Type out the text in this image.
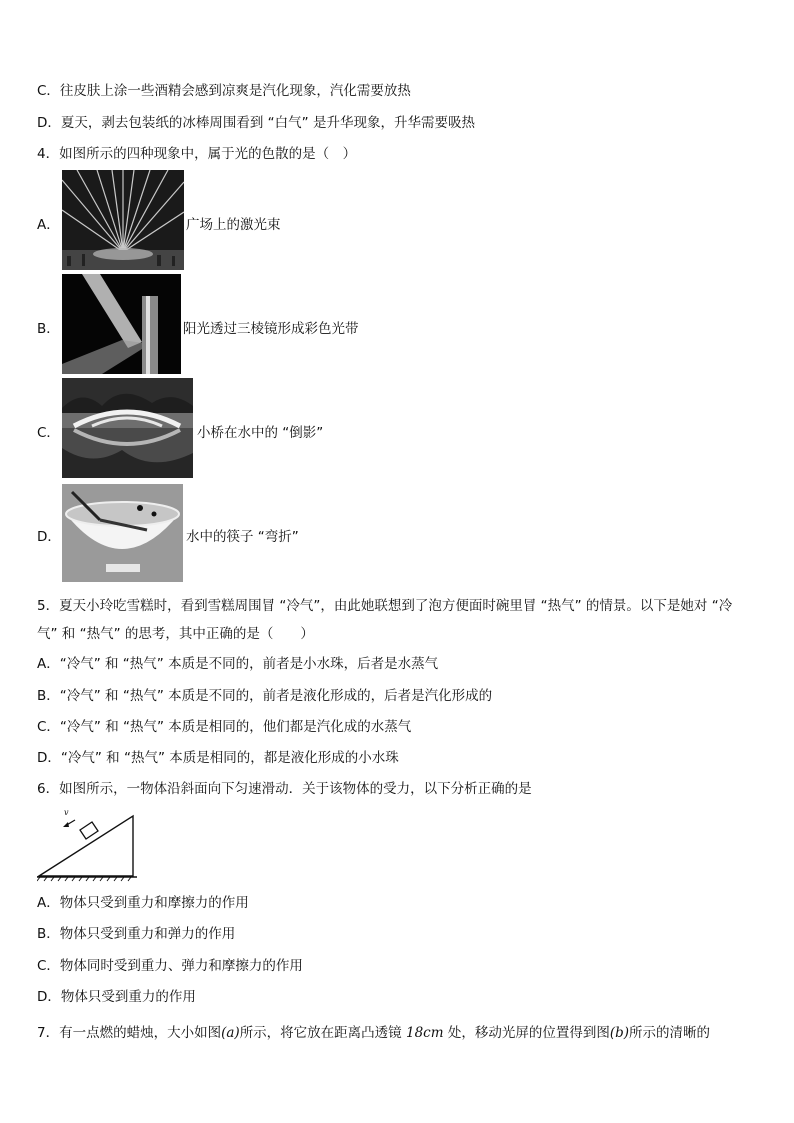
C．往皮肤上涂一些酒精会感到凉爽是汽化现象，汽化需要放热
D．夏天，剥去包装纸的冰棒周围看到 “白气” 是升华现象，升华需要吸热
4．如图所示的四种现象中，属于光的色散的是（　）
A．	广场上的激光束
B．	阳光透过三棱镜形成彩色光带
C．	小桥在水中的 “倒影”
D．	水中的筷子 “弯折”
5．夏天小玲吃雪糕时，看到雪糕周围冒 “冷气”，由此她联想到了泡方便面时碗里冒 “热气” 的情景。以下是她对 “冷
气” 和 “热气” 的思考，其中正确的是（　　）
A．“冷气” 和 “热气” 本质是不同的，前者是小水珠，后者是水蒸气
B．“冷气” 和 “热气” 本质是不同的，前者是液化形成的，后者是汽化形成的
C．“冷气” 和 “热气” 本质是相同的，他们都是汽化成的水蒸气
D．“冷气” 和 “热气” 本质是相同的，都是液化形成的小水珠
6．如图所示，一物体沿斜面向下匀速滑动．关于该物体的受力，以下分析正确的是
v
A．物体只受到重力和摩擦力的作用
B．物体只受到重力和弹力的作用
C．物体同时受到重力、弹力和摩擦力的作用
D．物体只受到重力的作用
7．有一点燃的蜡烛，大小如图(a)所示，将它放在距离凸透镜 18cm 处，移动光屏的位置得到图(b)所示的清晰的
